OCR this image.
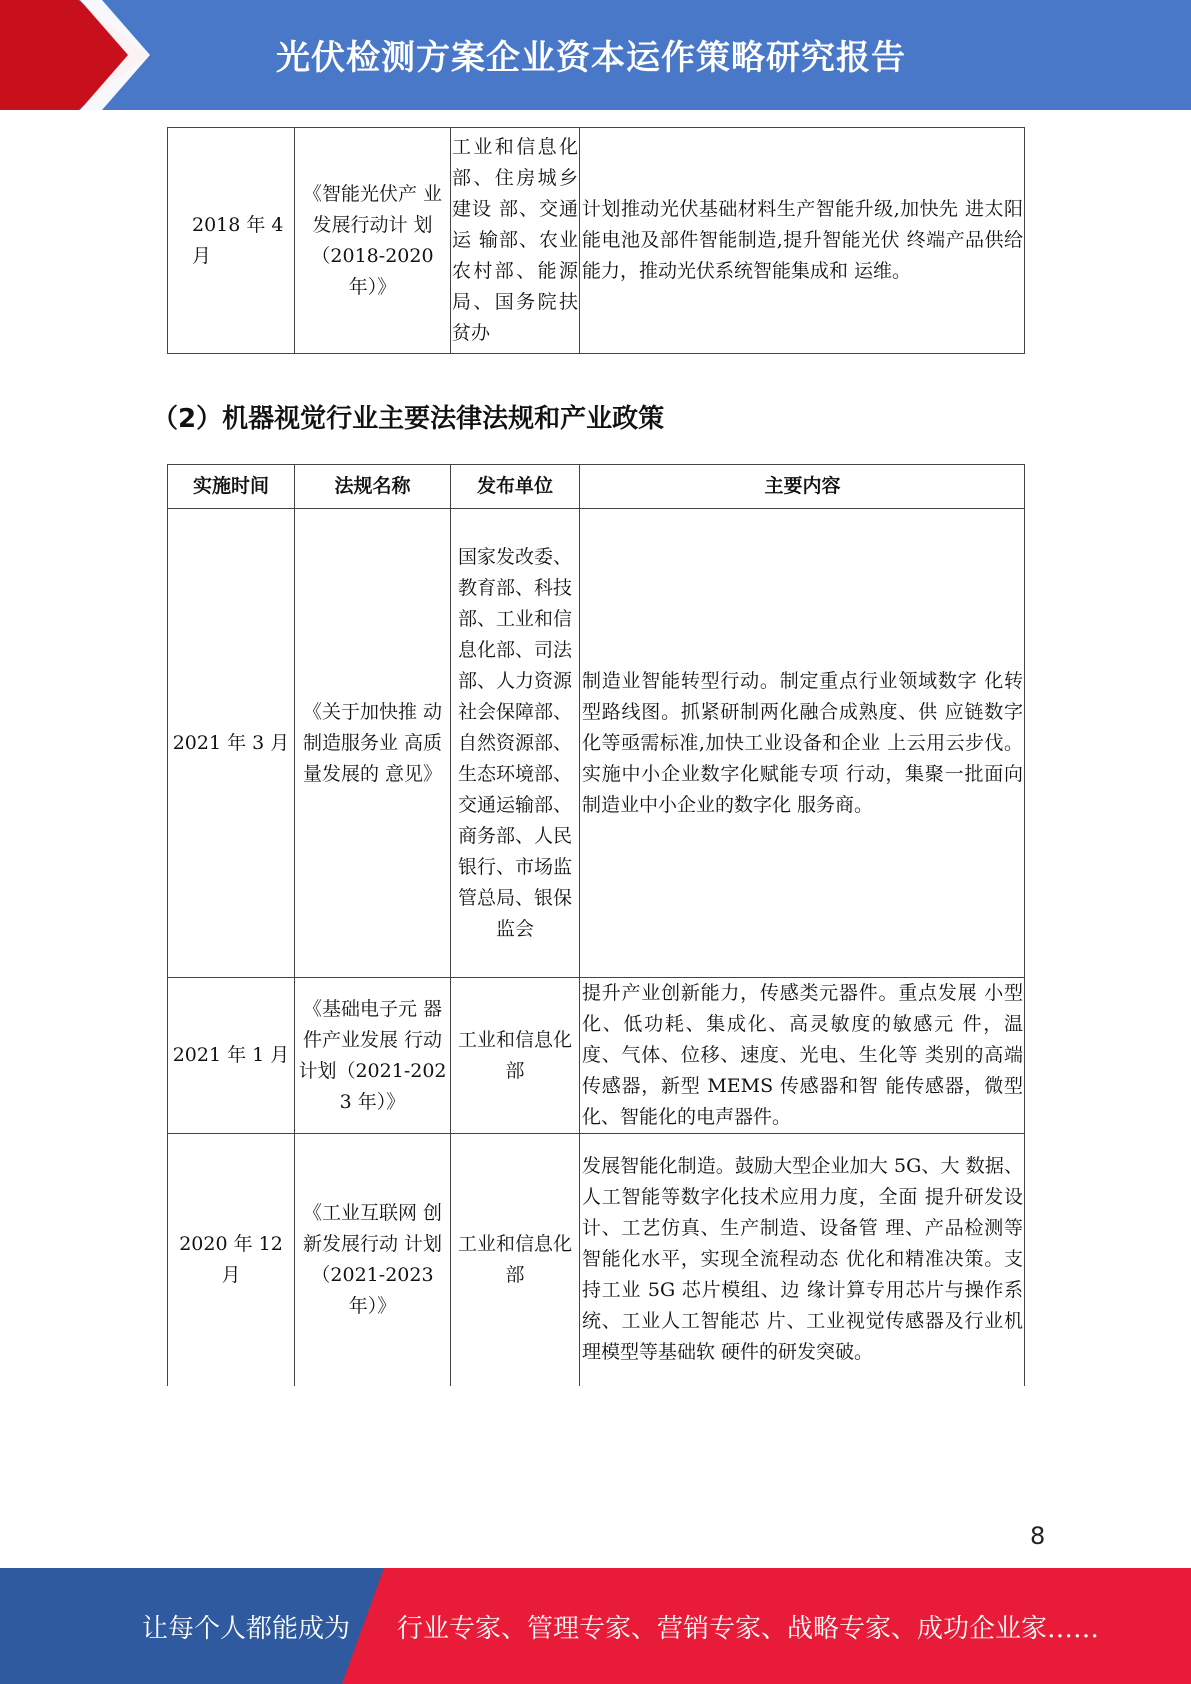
光伏检测方案企业资本运作策略研究报告
2018 年 4 月	《智能光伏产 业发展行动计 划（2018-2020 年）》	工业和信息化部、住房城乡建设 部、交通运 输部、农业 农村部、能源局、国务院扶贫办	计划推动光伏基础材料生产智能升级,加快先 进太阳能电池及部件智能制造,提升智能光伏 终端产品供给能力，推动光伏系统智能集成和 运维。
（2）机器视觉行业主要法律法规和产业政策
实施时间	法规名称	发布单位	主要内容
2021 年 3 月	《关于加快推 动制造服务业 高质量发展的 意见》	国家发改委、教育部、科技部、工业和信息化部、司法部、人力资源社会保障部、自然资源部、生态环境部、交通运输部、商务部、人民银行、市场监管总局、银保监会	制造业智能转型行动。制定重点行业领域数字 化转型路线图。抓紧研制两化融合成熟度、供 应链数字化等亟需标准,加快工业设备和企业 上云用云步伐。实施中小企业数字化赋能专项 行动，集聚一批面向制造业中小企业的数字化 服务商。
2021 年 1 月	《基础电子元 器件产业发展 行动计划（2021-2023 年）》	工业和信息化部	提升产业创新能力，传感类元器件。重点发展 小型化、低功耗、集成化、高灵敏度的敏感元 件，温度、气体、位移、速度、光电、生化等 类别的高端传感器，新型 MEMS 传感器和智 能传感器，微型化、智能化的电声器件。
2020 年 12 月	《工业互联网 创新发展行动 计划（2021-2023 年）》	工业和信息化部	发展智能化制造。鼓励大型企业加大 5G、大 数据、人工智能等数字化技术应用力度，全面 提升研发设计、工艺仿真、生产制造、设备管 理、产品检测等智能化水平，实现全流程动态 优化和精准决策。支持工业 5G 芯片模组、边 缘计算专用芯片与操作系统、工业人工智能芯 片、工业视觉传感器及行业机理模型等基础软 硬件的研发突破。
8
让每个人都能成为 行业专家、管理专家、营销专家、战略专家、成功企业家……
